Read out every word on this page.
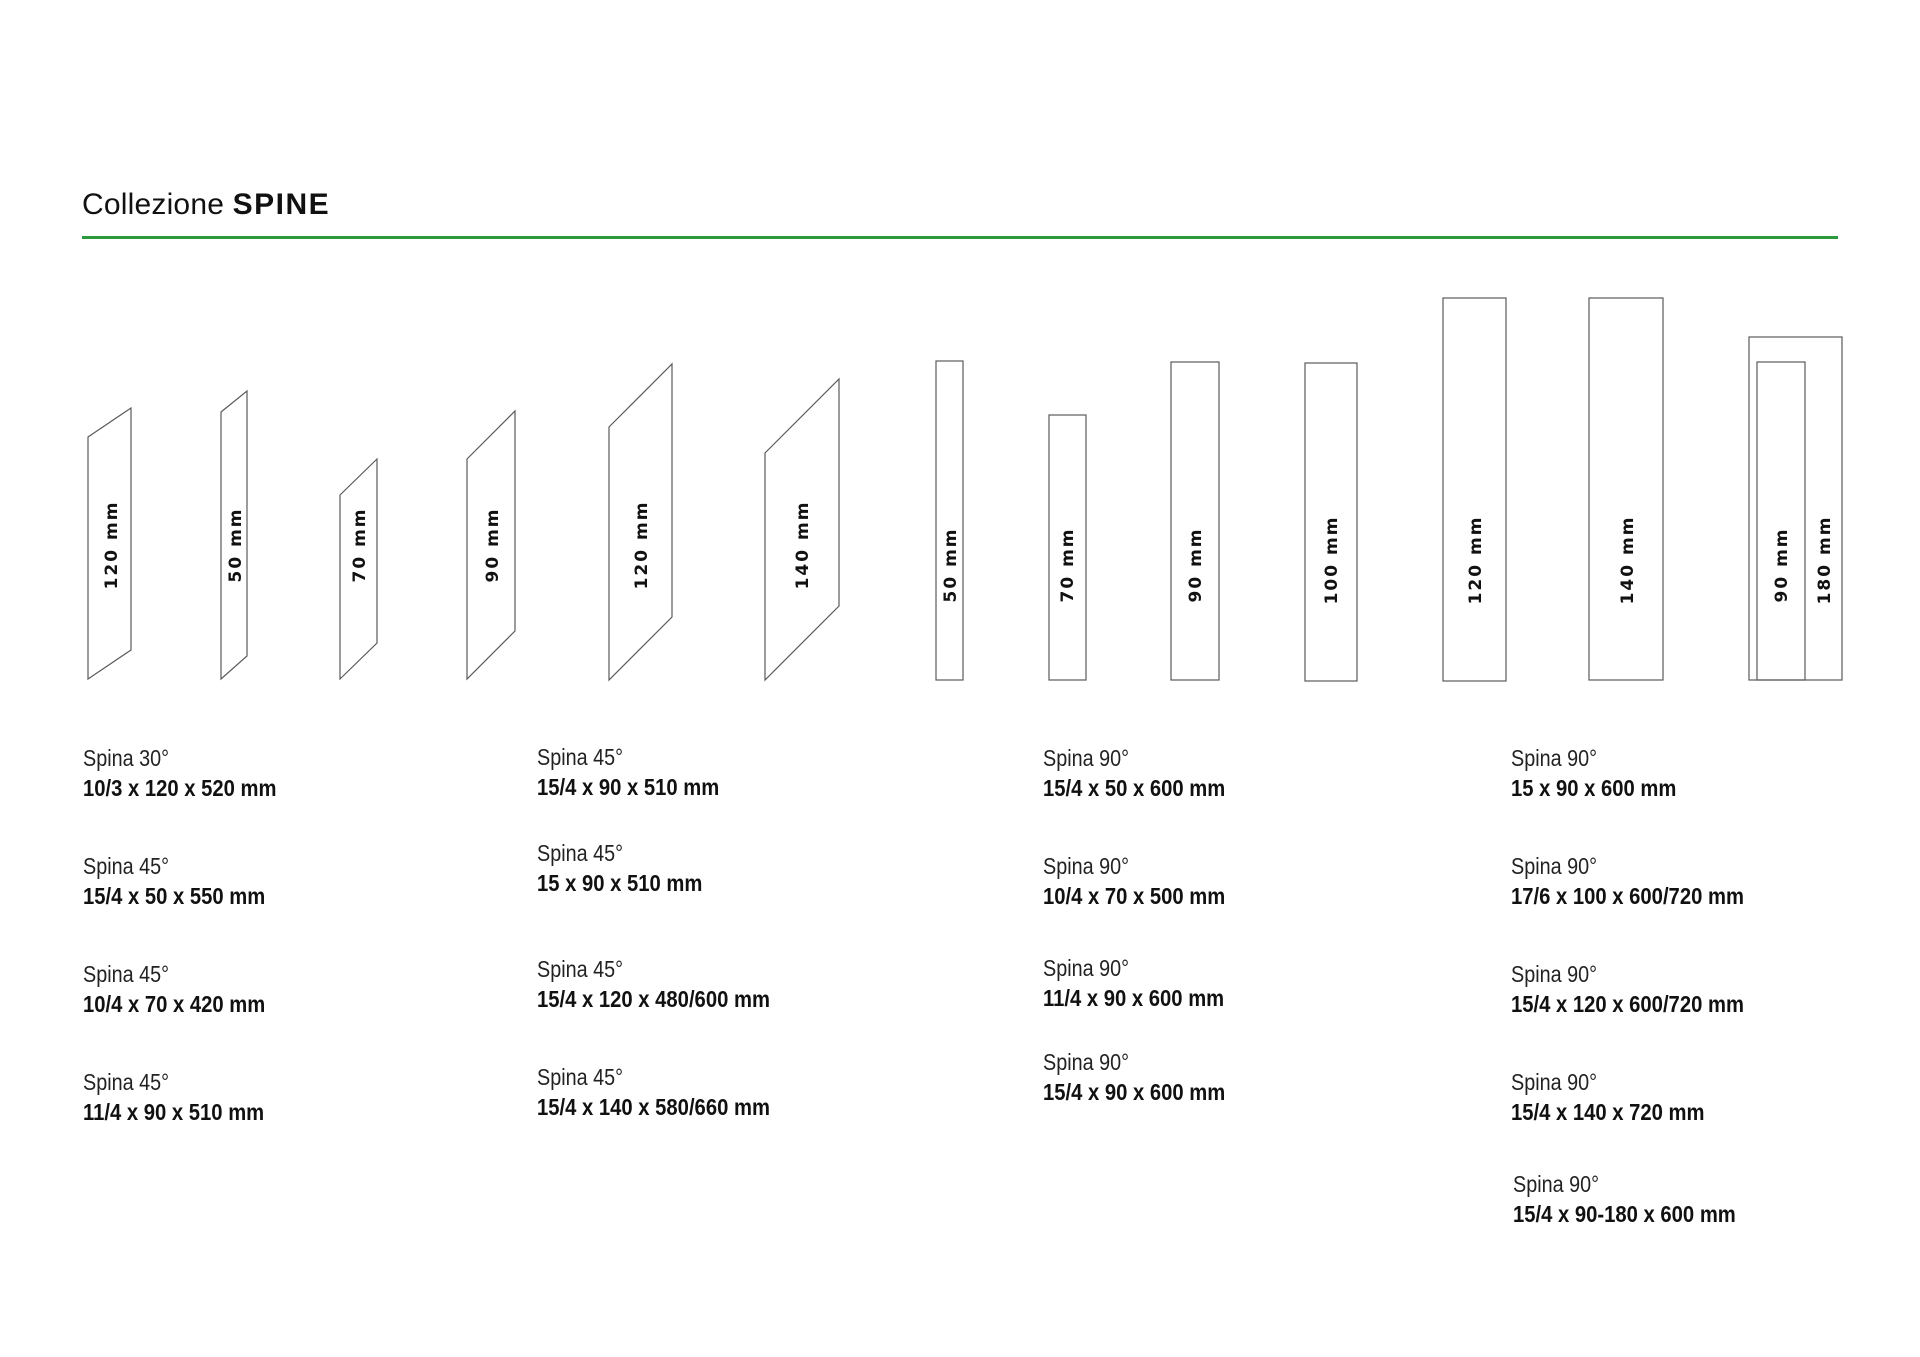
Collezione SPINE
120 mm	50 mm	70 mm	90 mm	120 mm	140 mm	50 mm	70 mm	90 mm	100 mm	120 mm	140 mm	90 mm 180 mm
Spina 30°
10/3 x 120 x 520 mm
Spina 45°
15/4 x 50 x 550 mm
Spina 45°
10/4 x 70 x 420 mm
Spina 45°
11/4 x 90 x 510 mm
Spina 45°
15/4 x 90 x 510 mm
Spina 45°
15 x 90 x 510 mm
Spina 45°
15/4 x 120 x 480/600 mm
Spina 45°
15/4 x 140 x 580/660 mm
Spina 90°
15/4 x 50 x 600 mm
Spina 90°
10/4 x 70 x 500 mm
Spina 90°
11/4 x 90 x 600 mm
Spina 90°
15/4 x 90 x 600 mm
Spina 90°
15 x 90 x 600 mm
Spina 90°
17/6 x 100 x 600/720 mm
Spina 90°
15/4 x 120 x 600/720 mm
Spina 90°
15/4 x 140 x 720 mm
Spina 90°
15/4 x 90-180 x 600 mm
